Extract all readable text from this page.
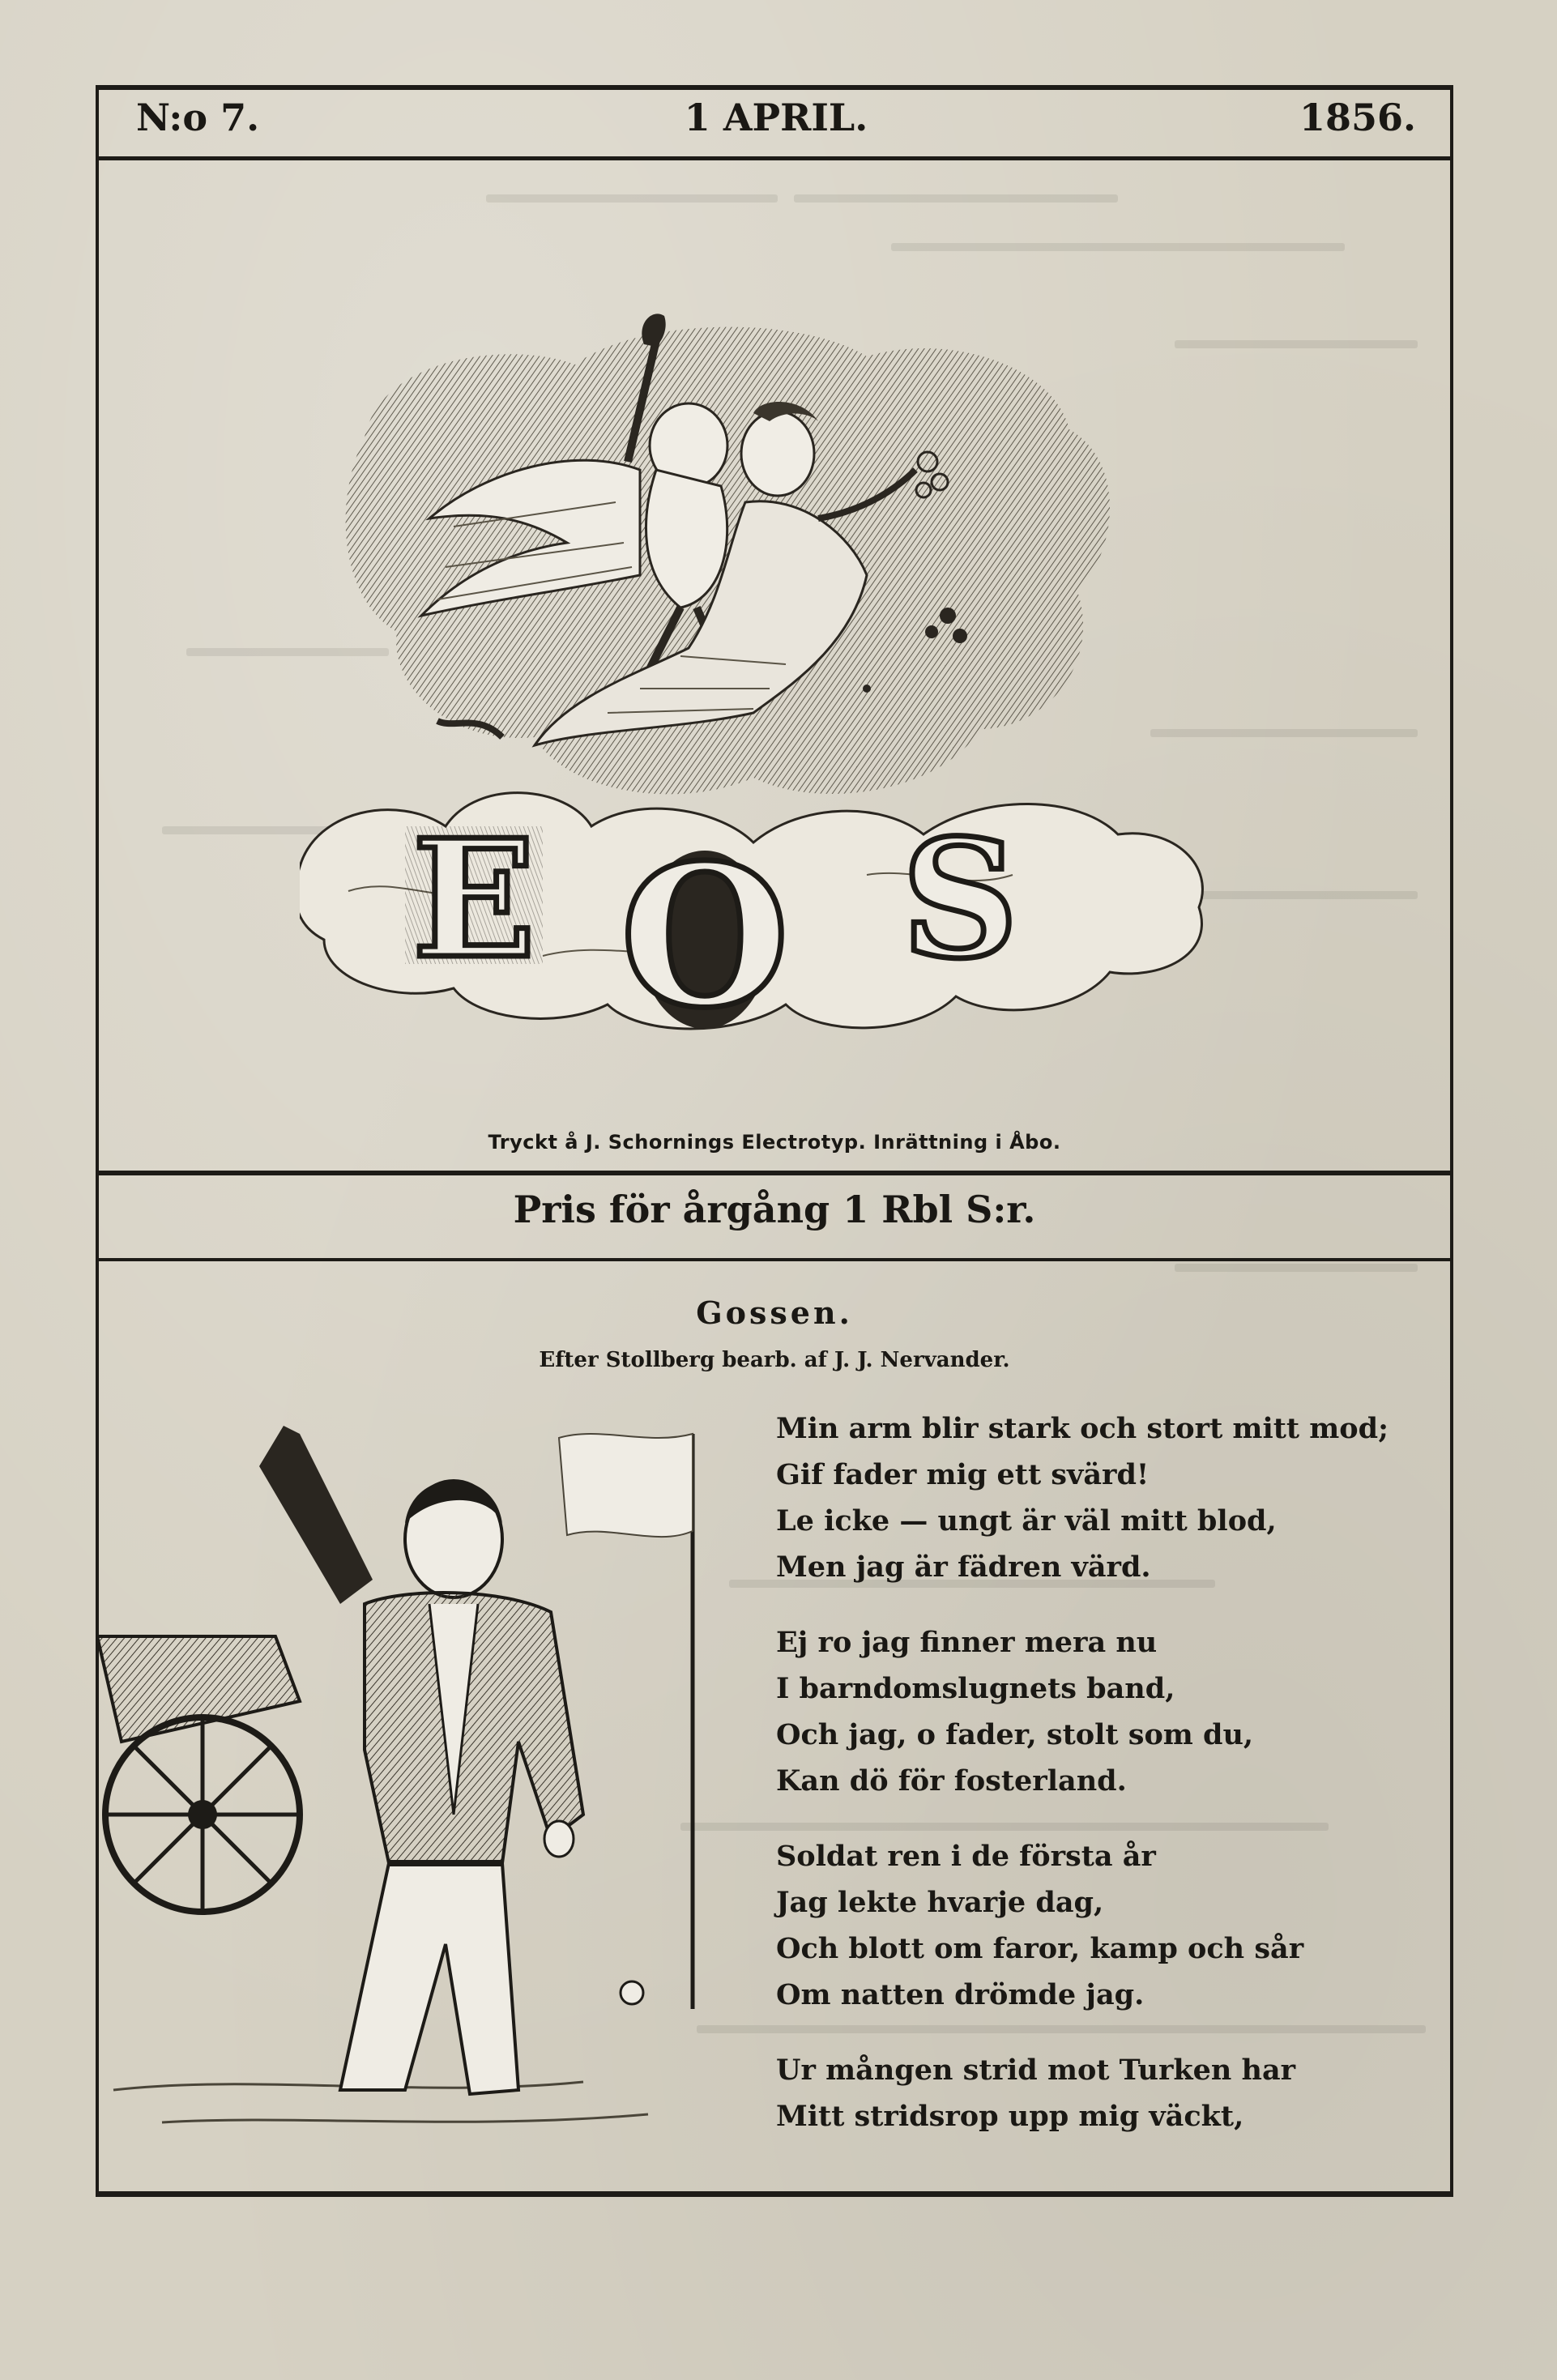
N:o 7.	1 APRIL.	1856.
E O S
Tryckt å J. Schornings Electrotyp. Inrättning i Åbo.
Pris för årgång 1 Rbl S:r.
Gossen.
Efter Stollberg bearb. af J. J. Nervander.
Min arm blir stark och stort mitt mod;
Gif fader mig ett svärd!
Le icke — ungt är väl mitt blod,
Men jag är fädren värd.
Ej ro jag finner mera nu
I barndomslugnets band,
Och jag, o fader, stolt som du,
Kan dö för fosterland.
Soldat ren i de första år
Jag lekte hvarje dag,
Och blott om faror, kamp och sår
Om natten drömde jag.
Ur mången strid mot Turken har
Mitt stridsrop upp mig väckt,
